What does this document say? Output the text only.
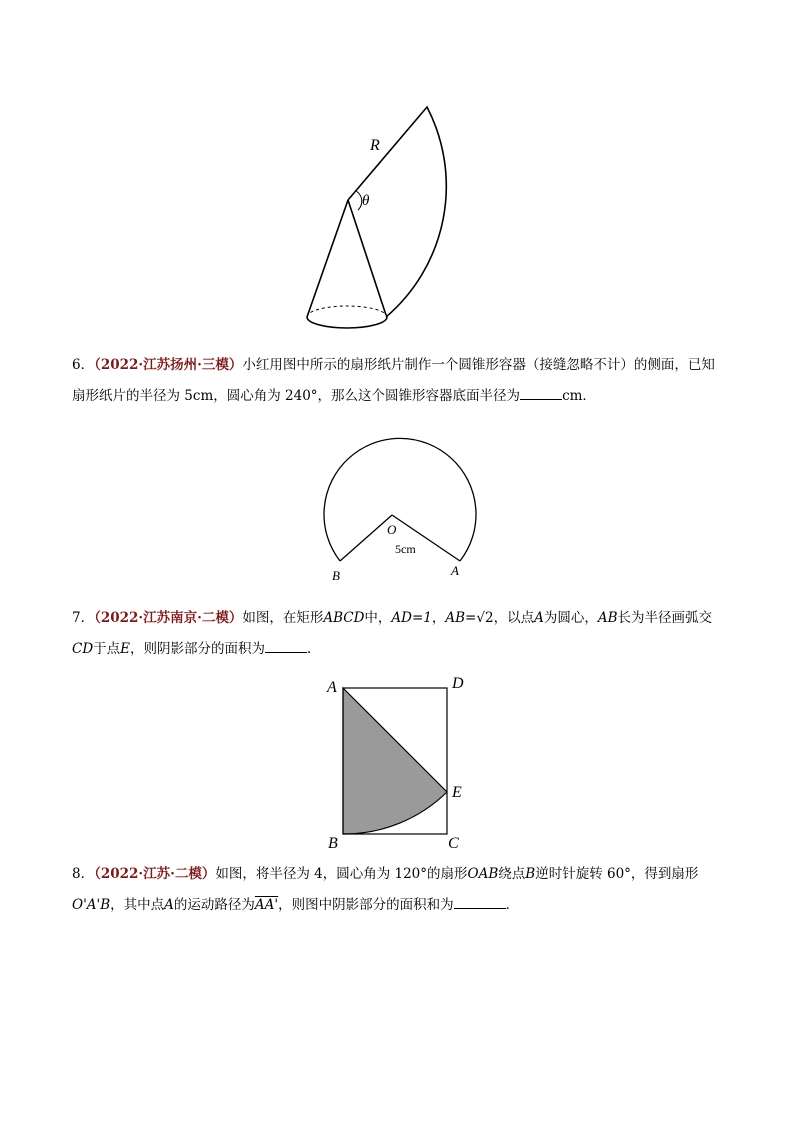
R
θ
6．（2022·江苏扬州·三模）小红用图中所示的扇形纸片制作一个圆锥形容器（接缝忽略不计）的侧面，已知扇形纸片的半径为 5cm，圆心角为 240°，那么这个圆锥形容器底面半径为	cm．
O
5cm
B	A
7．（2022·江苏南京·二模）如图，在矩形ABCD中，AD=1，AB=√2，以点A为圆心，AB长为半径画弧交
CD于点E，则阴影部分的面积为	．
A	D
E
B	C
8．（2022·江苏·二模）如图，将半径为 4，圆心角为 120°的扇形OAB绕点B逆时针旋转 60°，得到扇形
O'A'B，其中点A的运动路径为AA'，则图中阴影部分的面积和为	．
